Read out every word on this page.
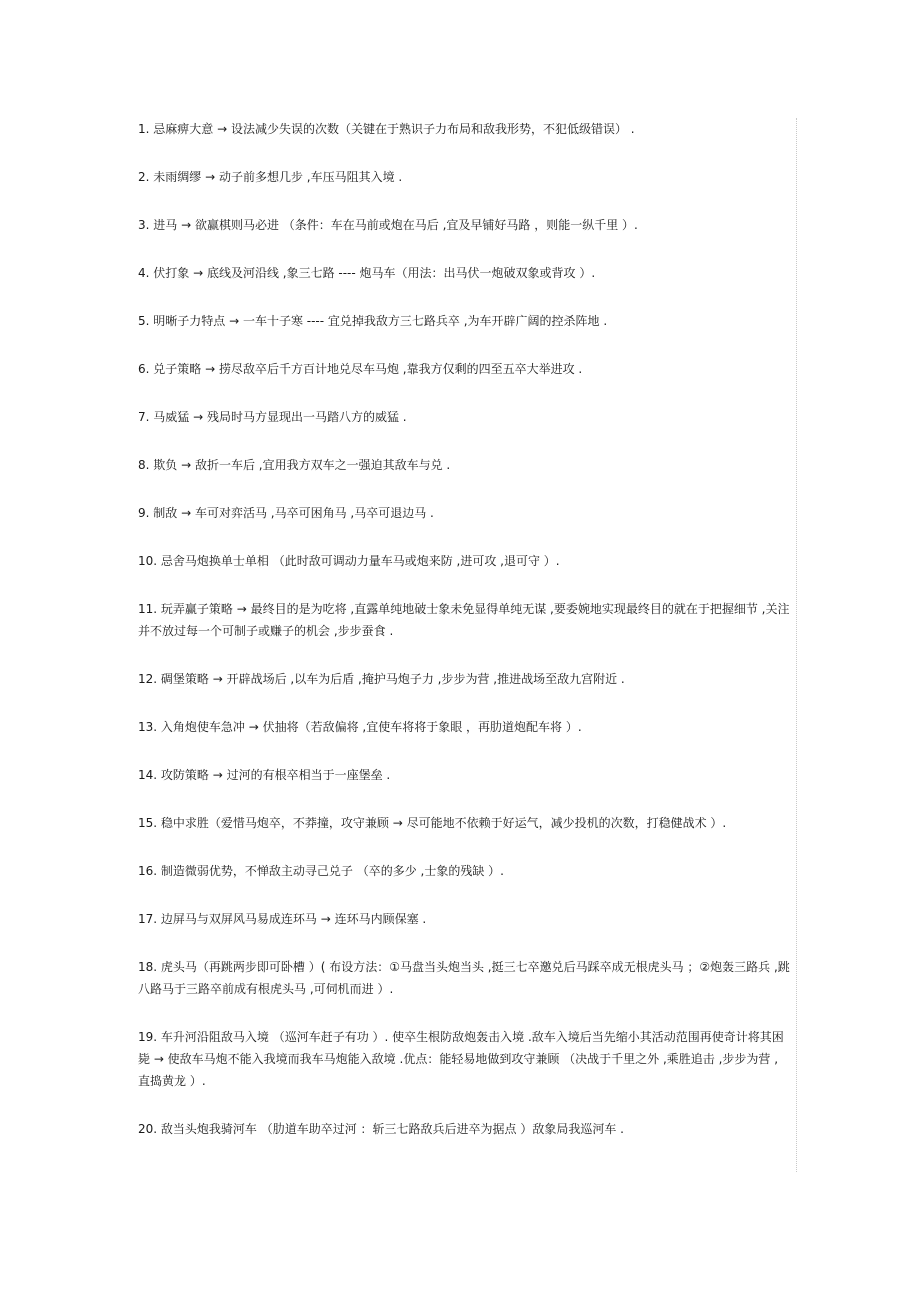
1. 忌麻痹大意 → 设法减少失误的次数（关键在于熟识子力布局和敌我形势，不犯低级错误） .
2. 未雨绸缪 → 动子前多想几步 ,车压马阻其入境 .
3. 进马 → 欲赢棋则马必进 （条件：车在马前或炮在马后 ,宜及早铺好马路 ，则能一纵千里 ）.
4. 伏打象 → 底线及河沿线 ,象三七路 ---- 炮马车（用法：出马伏一炮破双象或背攻 ）.
5. 明晰子力特点 → 一车十子寒 ---- 宜兑掉我敌方三七路兵卒 ,为车开辟广阔的控杀阵地 .
6. 兑子策略 → 捞尽敌卒后千方百计地兑尽车马炮 ,靠我方仅剩的四至五卒大举进攻 .
7. 马威猛 → 残局时马方显现出一马踏八方的威猛 .
8. 欺负 → 敌折一车后 ,宜用我方双车之一强迫其敌车与兑 .
9. 制敌 → 车可对弈活马 ,马卒可困角马 ,马卒可退边马 .
10. 忌舍马炮换单士单相 （此时敌可调动力量车马或炮来防 ,进可攻 ,退可守 ）.
11. 玩弄赢子策略 → 最终目的是为吃将 ,直露单纯地破士象未免显得单纯无谋 ,要委婉地实现最终目的就在于把握细节 ,关注并不放过每一个可制子或赚子的机会 ,步步蚕食 .
12. 碉堡策略 → 开辟战场后 ,以车为后盾 ,掩护马炮子力 ,步步为营 ,推进战场至敌九宫附近 .
13. 入角炮使车急冲 → 伏抽将（若敌偏将 ,宜使车将将于象眼 ，再肋道炮配车将 ）.
14. 攻防策略 → 过河的有根卒相当于一座堡垒 .
15. 稳中求胜（爱惜马炮卒，不莽撞，攻守兼顾 → 尽可能地不依赖于好运气，减少投机的次数，打稳健战术 ）.
16. 制造微弱优势，不惮敌主动寻己兑子 （卒的多少 ,士象的残缺 ）.
17. 边屏马与双屏风马易成连环马 → 连环马内顾保塞 .
18. 虎头马（再跳两步即可卧槽 ）( 布设方法：①马盘当头炮当头 ,挺三七卒邀兑后马踩卒成无根虎头马 ；②炮轰三路兵 ,跳八路马于三路卒前成有根虎头马 ,可伺机而进 ）.
19. 车升河沿阻敌马入境 （巡河车赶子有功 ）. 使卒生根防敌炮轰击入境 .敌车入境后当先缩小其活动范围再使奇计将其困毙 → 使敌车马炮不能入我境而我车马炮能入敌境 .优点：能轻易地做到攻守兼顾 （决战于千里之外 ,乘胜追击 ,步步为营 ,直捣黄龙 ）.
20. 敌当头炮我骑河车 （肋道车助卒过河 ：斩三七路敌兵后进卒为据点 ）敌象局我巡河车 .
